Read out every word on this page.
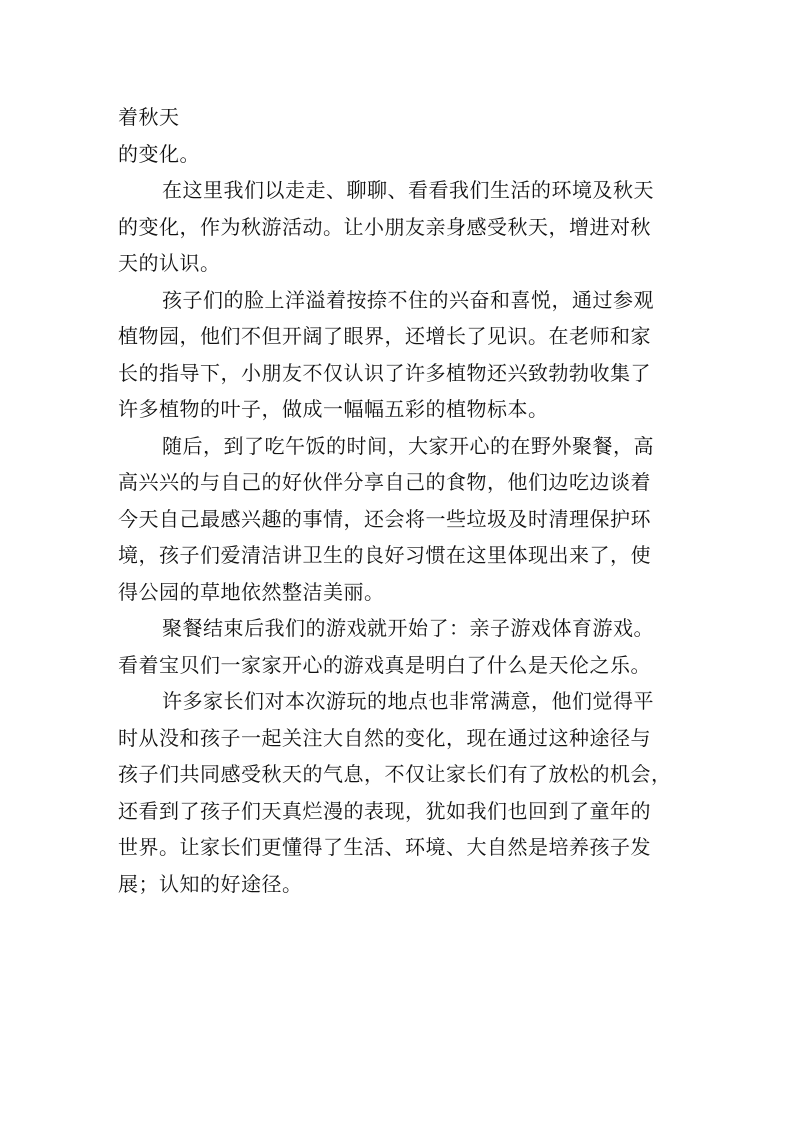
着秋天
的变化。
在这里我们以走走、聊聊、看看我们生活的环境及秋天
的变化，作为秋游活动。让小朋友亲身感受秋天，增进对秋
天的认识。
孩子们的脸上洋溢着按捺不住的兴奋和喜悦，通过参观
植物园，他们不但开阔了眼界，还增长了见识。在老师和家
长的指导下，小朋友不仅认识了许多植物还兴致勃勃收集了
许多植物的叶子，做成一幅幅五彩的植物标本。
随后，到了吃午饭的时间，大家开心的在野外聚餐，高
高兴兴的与自己的好伙伴分享自己的食物，他们边吃边谈着
今天自己最感兴趣的事情，还会将一些垃圾及时清理保护环
境，孩子们爱清洁讲卫生的良好习惯在这里体现出来了，使
得公园的草地依然整洁美丽。
聚餐结束后我们的游戏就开始了：亲子游戏体育游戏。
看着宝贝们一家家开心的游戏真是明白了什么是天伦之乐。
许多家长们对本次游玩的地点也非常满意，他们觉得平
时从没和孩子一起关注大自然的变化，现在通过这种途径与
孩子们共同感受秋天的气息，不仅让家长们有了放松的机会，
还看到了孩子们天真烂漫的表现，犹如我们也回到了童年的
世界。让家长们更懂得了生活、环境、大自然是培养孩子发
展；认知的好途径。
